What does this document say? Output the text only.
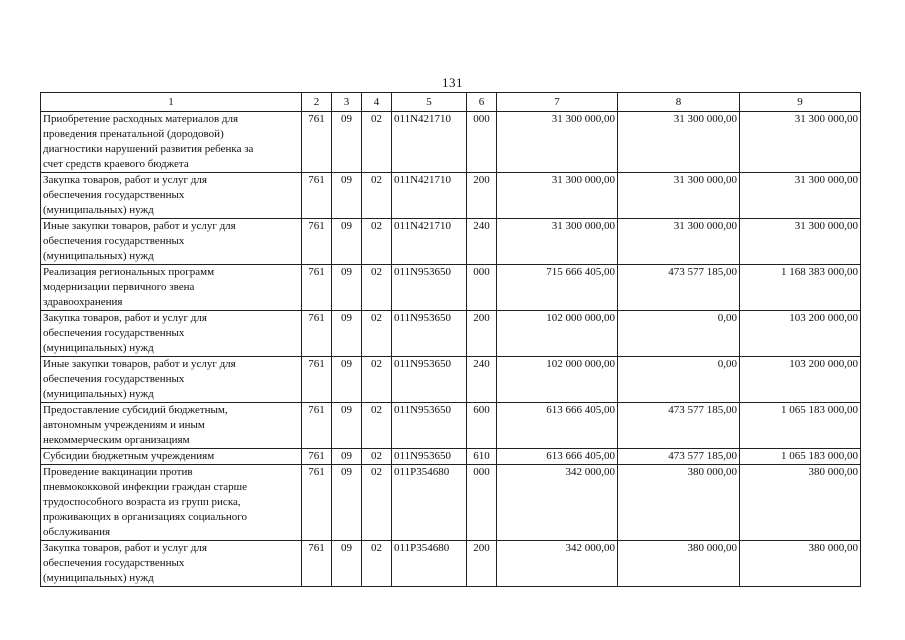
131
1	2	3	4	5	6	7	8	9
Приобретение расходных материалов для
проведения пренатальной (дородовой)
диагностики нарушений развития ребенка за
счет средств краевого бюджета	761	09	02	011N421710	000	31 300 000,00	31 300 000,00	31 300 000,00
Закупка товаров, работ и услуг для
обеспечения государственных
(муниципальных) нужд	761	09	02	011N421710	200	31 300 000,00	31 300 000,00	31 300 000,00
Иные закупки товаров, работ и услуг для
обеспечения государственных
(муниципальных) нужд	761	09	02	011N421710	240	31 300 000,00	31 300 000,00	31 300 000,00
Реализация региональных программ
модернизации первичного звена
здравоохранения	761	09	02	011N953650	000	715 666 405,00	473 577 185,00	1 168 383 000,00
Закупка товаров, работ и услуг для
обеспечения государственных
(муниципальных) нужд	761	09	02	011N953650	200	102 000 000,00	0,00	103 200 000,00
Иные закупки товаров, работ и услуг для
обеспечения государственных
(муниципальных) нужд	761	09	02	011N953650	240	102 000 000,00	0,00	103 200 000,00
Предоставление субсидий бюджетным,
автономным учреждениям и иным
некоммерческим организациям	761	09	02	011N953650	600	613 666 405,00	473 577 185,00	1 065 183 000,00
Субсидии бюджетным учреждениям	761	09	02	011N953650	610	613 666 405,00	473 577 185,00	1 065 183 000,00
Проведение вакцинации против
пневмококковой инфекции граждан старше
трудоспособного возраста из групп риска,
проживающих в организациях социального
обслуживания	761	09	02	011P354680	000	342 000,00	380 000,00	380 000,00
Закупка товаров, работ и услуг для
обеспечения государственных
(муниципальных) нужд	761	09	02	011P354680	200	342 000,00	380 000,00	380 000,00
